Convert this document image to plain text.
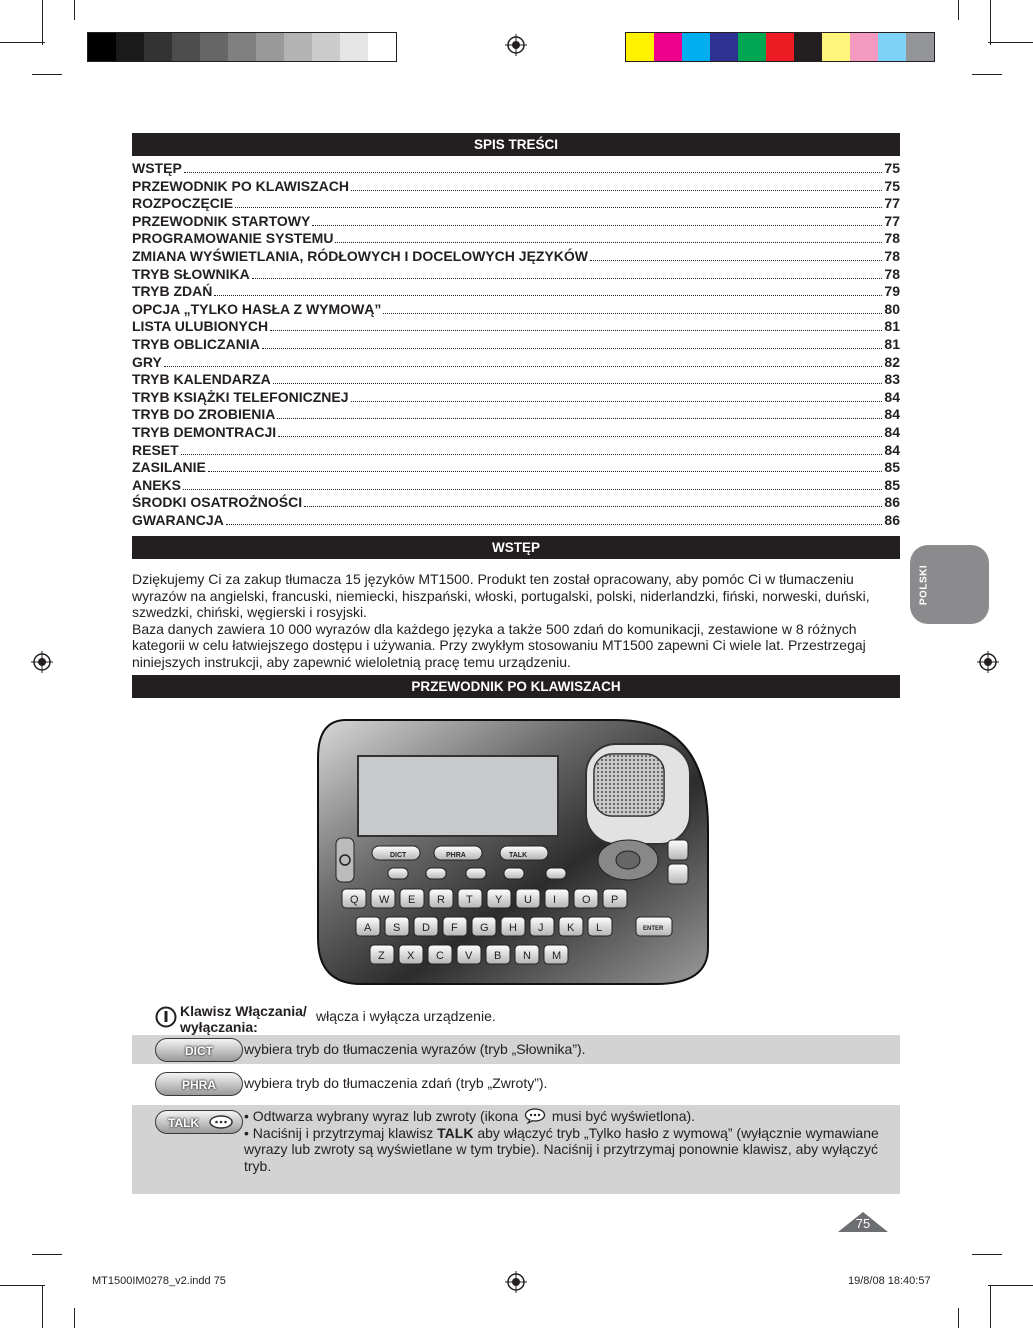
SPIS TREŚCI
WSTĘP	75
PRZEWODNIK PO KLAWISZACH	75
ROZPOCZĘCIE	77
PRZEWODNIK STARTOWY	77
PROGRAMOWANIE SYSTEMU	78
ZMIANA WYŚWIETLANIA, RÓDŁOWYCH I DOCELOWYCH JĘZYKÓW	78
TRYB SŁOWNIKA	78
TRYB ZDAŃ	79
OPCJA „TYLKO HASŁA Z WYMOWĄ”	80
LISTA ULUBIONYCH	81
TRYB OBLICZANIA	81
GRY	82
TRYB KALENDARZA	83
TRYB KSIĄŻKI TELEFONICZNEJ	84
TRYB DO ZROBIENIA	84
TRYB DEMONTRACJI	84
RESET	84
ZASILANIE	85
ANEKS	85
ŚRODKI OSATROŻNOŚCI	86
GWARANCJA	86
POLSKI
WSTĘP

Dziękujemy Ci za zakup tłumacza 15 języków MT1500. Produkt ten został opracowany, aby pomóc Ci w tłumaczeniu wyrazów na angielski, francuski, niemiecki, hiszpański, włoski, portugalski, polski, niderlandzki, fiński, norweski, duński, szwedzki, chiński, węgierski i rosyjski.

Baza danych zawiera 10 000 wyrazów dla każdego języka a także 500 zdań do komunikacji, zestawione w 8 różnych kategorii w celu łatwiejszego dostępu i używania. Przy zwykłym stosowaniu MT1500 zapewni Ci wiele lat. Przestrzegaj niniejszych instrukcji, aby zapewnić wieloletnią pracę temu urządzeniu.

PRZEWODNIK PO KLAWISZACH
DICT	PHRA	TALK
Q W E R T Y U I O P
A S D F G H J K L
Z X C V B N M
ENTER
Klawisz Włączania/
wyłączania:
włącza i wyłącza urządzenie.
DICT	wybiera tryb do tłumaczenia wyrazów (tryb „Słownika”).
PHRA	wybiera tryb do tłumaczenia zdań (tryb „Zwroty”).
TALK	• Odtwarza wybrany wyraz lub zwroty (ikona musi być wyświetlona).
• Naciśnij i przytrzymaj klawisz TALK aby włączyć tryb „Tylko hasło z wymową” (wyłącznie wymawiane wyrazy lub zwroty są wyświetlane w tym trybie). Naciśnij i przytrzymaj ponownie klawisz, aby wyłączyć tryb.
75
MT1500IM0278_v2.indd 75	19/8/08 18:40:57
